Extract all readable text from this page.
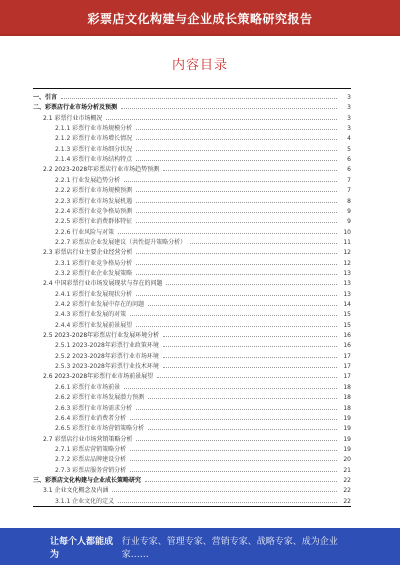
彩票店文化构建与企业成长策略研究报告
内容目录
一、引言	3
二、彩票店行业市场分析及预测	3
2.1 彩票行业市场概况	3
2.1.1 彩票行业市场规模分析	3
2.1.2 彩票行业市场增长情况	4
2.1.3 彩票行业市场细分状况	5
2.1.4 彩票行业市场结构特点	6
2.2 2023-2028年彩票店行业市场趋势预测	6
2.2.1 行业发展趋势分析	7
2.2.2 彩票行业市场规模预测	7
2.2.3 彩票行业市场发展机遇	8
2.2.4 彩票行业竞争格局预测	9
2.2.5 彩票行业消费群体特征	9
2.2.6 行业风险与对策	10
2.2.7 彩票店企业发展建议（共性提升策略分析）	11
2.3 彩票店行业主要企业经营分析	12
2.3.1 彩票行业竞争格局分析	12
2.3.2 彩票行业企业发展策略	13
2.4 中国彩票行业市场发展现状与存在的问题	13
2.4.1 彩票行业发展现状分析	13
2.4.2 彩票行业发展中存在的问题	14
2.4.3 彩票行业发展的对策	15
2.4.4 彩票行业发展前景展望	15
2.5 2023-2028年彩票店行业发展环境分析	16
2.5.1 2023-2028年彩票行业政策环境	16
2.5.2 2023-2028年彩票行业市场环境	17
2.5.3 2023-2028年彩票行业技术环境	17
2.6 2023-2028年彩票行业市场前景展望	17
2.6.1 彩票行业市场前景	18
2.6.2 彩票行业市场发展潜力预测	18
2.6.3 彩票行业市场需求分析	18
2.6.4 彩票行业消费者分析	19
2.6.5 彩票行业市场营销策略分析	19
2.7 彩票店行业市场营销策略分析	19
2.7.1 彩票店营销策略分析	19
2.7.2 彩票店品牌建设分析	20
2.7.3 彩票店服务营销分析	21
三、彩票店文化构建与企业成长策略研究	22
3.1 企业文化概念及内涵	22
3.1.1 企业文化的定义	22
让每个人都能成为
行业专家、管理专家、营销专家、战略专家、成为企业家……
